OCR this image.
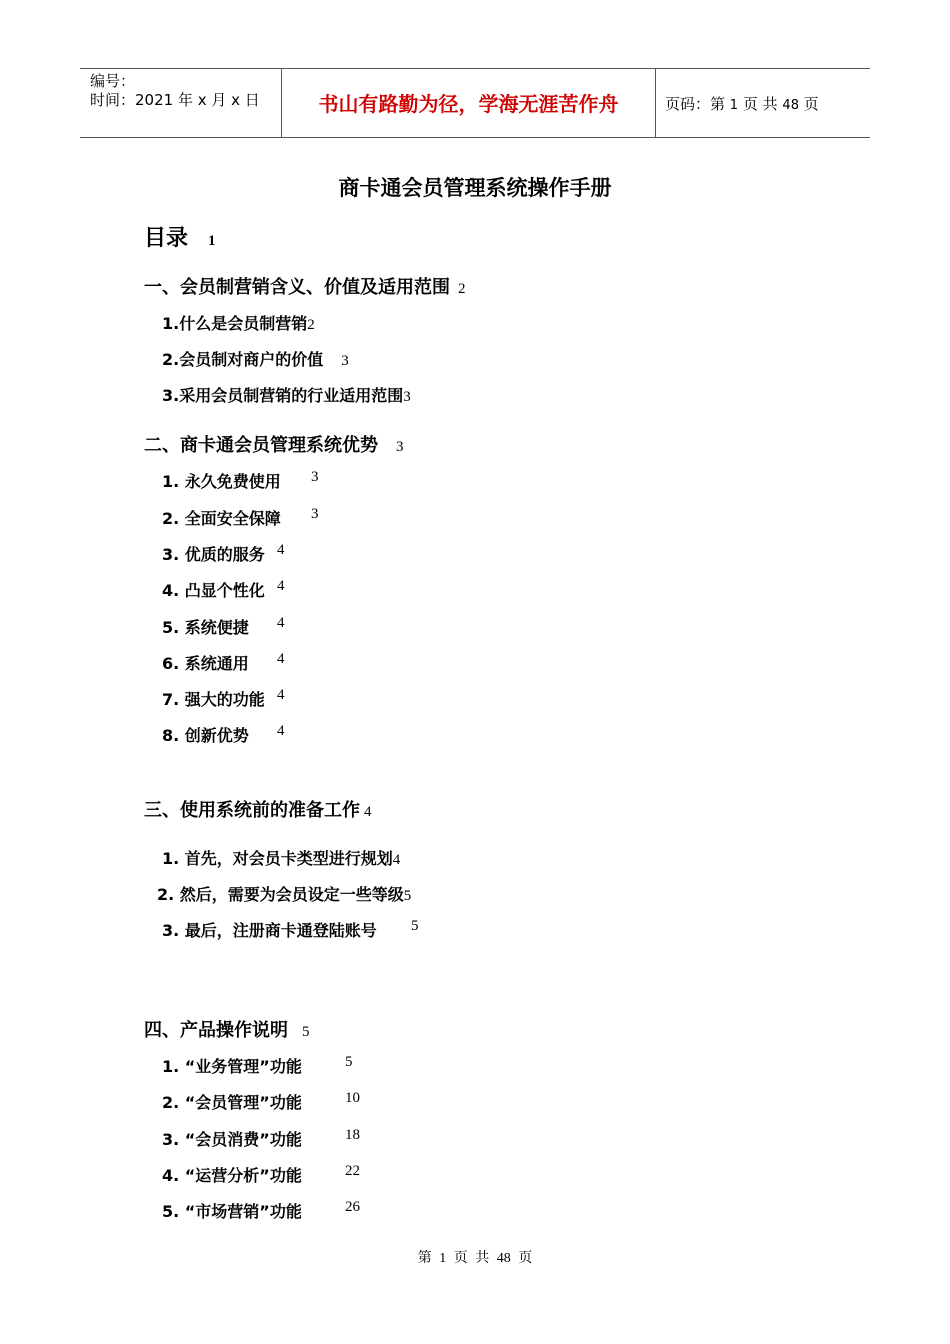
编号：
时间：2021 年 x 月 x 日	书山有路勤为径，学海无涯苦作舟	页码：第 1 页 共 48 页
商卡通会员管理系统操作手册
目录 1
一、会员制营销含义、价值及适用范围 2
1.什么是会员制营销2
2.会员制对商户的价值 3
3.采用会员制营销的行业适用范围3
二、商卡通会员管理系统优势 3
1. 永久免费使用 3
2. 全面安全保障 3
3. 优质的服务 4
4. 凸显个性化 4
5. 系统便捷 4
6. 系统通用 4
7. 强大的功能 4
8. 创新优势 4
三、使用系统前的准备工作 4
1. 首先，对会员卡类型进行规划4
2. 然后，需要为会员设定一些等级5
3. 最后，注册商卡通登陆账号 5
四、产品操作说明 5
1. “业务管理”功能	5
2. “会员管理”功能	10
3. “会员消费”功能	18
4. “运营分析”功能	22
5. “市场营销”功能	26
第 1 页 共 48 页
